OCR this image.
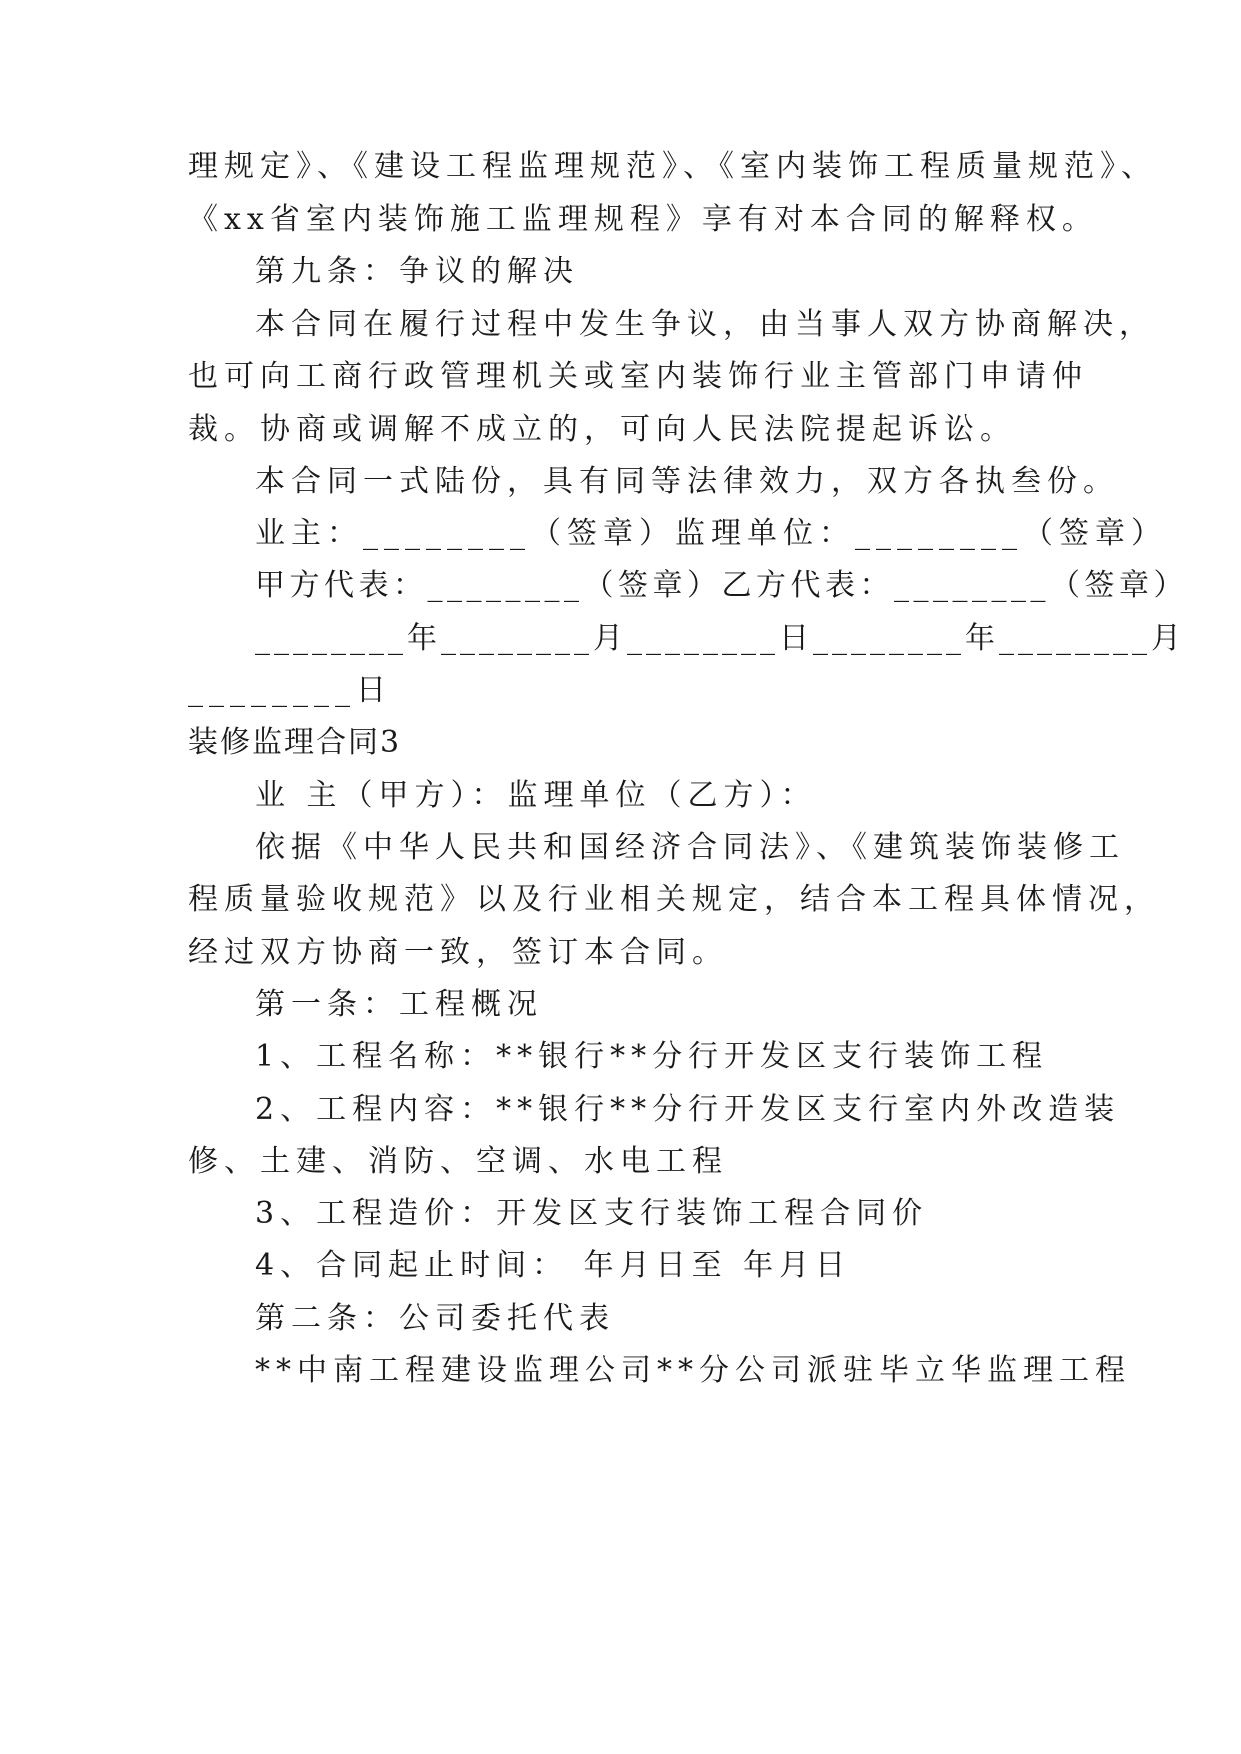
理规定》、《建设工程监理规范》、《室内装饰工程质量规范》、
《xx省室内装饰施工监理规程》享有对本合同的解释权。
第九条：争议的解决
本合同在履行过程中发生争议，由当事人双方协商解决，
也可向工商行政管理机关或室内装饰行业主管部门申请仲
裁。协商或调解不成立的，可向人民法院提起诉讼。
本合同一式陆份，具有同等法律效力，双方各执叁份。
业主：________（签章）监理单位：________（签章）
甲方代表：________（签章）乙方代表：________（签章）
________年________月________日________年________月
________日
装修监理合同3
业 主（甲方）：监理单位（乙方）：
依据《中华人民共和国经济合同法》、《建筑装饰装修工
程质量验收规范》以及行业相关规定，结合本工程具体情况，
经过双方协商一致，签订本合同。
第一条：工程概况
1、工程名称：**银行**分行开发区支行装饰工程
2、工程内容：**银行**分行开发区支行室内外改造装
修、土建、消防、空调、水电工程
3、工程造价：开发区支行装饰工程合同价
4、合同起止时间： 年月日至 年月日
第二条：公司委托代表
**中南工程建设监理公司**分公司派驻毕立华监理工程
